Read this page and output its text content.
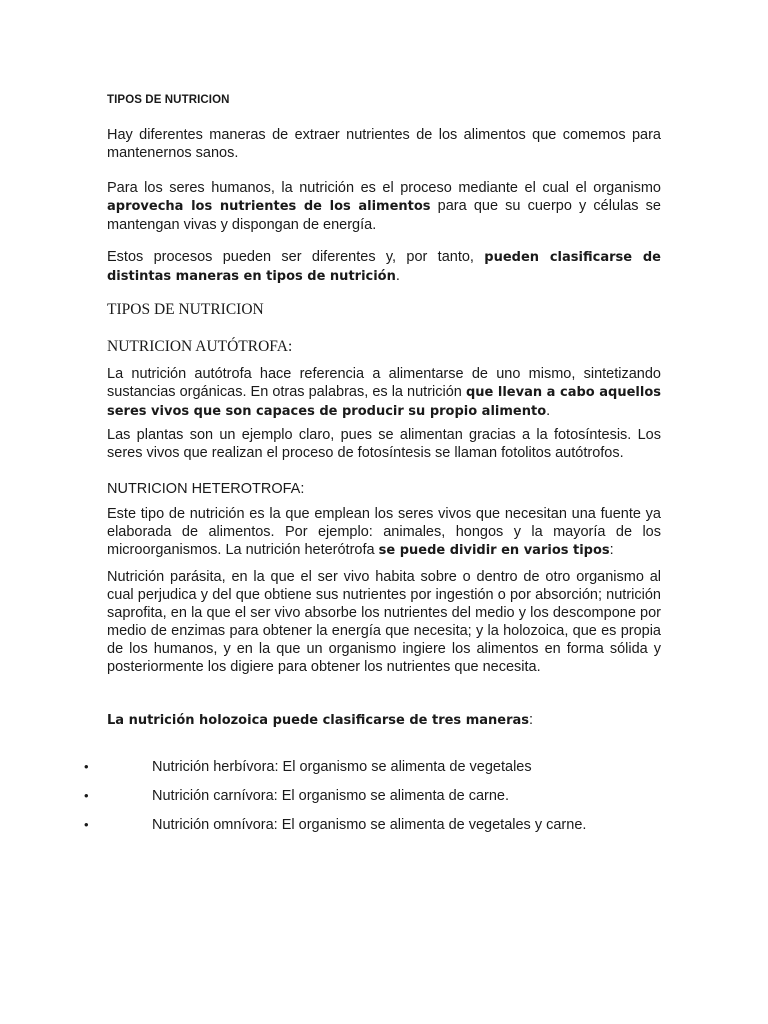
TIPOS DE NUTRICION
Hay diferentes maneras de extraer nutrientes de los alimentos que comemos para mantenernos sanos.
Para los seres humanos, la nutrición es el proceso mediante el cual el organismo aprovecha los nutrientes de los alimentos para que su cuerpo y células se mantengan vivas y dispongan de energía.
Estos procesos pueden ser diferentes y, por tanto, pueden clasificarse de distintas maneras en tipos de nutrición.
TIPOS DE NUTRICION
NUTRICION AUTÓTROFA:
La nutrición autótrofa hace referencia a alimentarse de uno mismo, sintetizando sustancias orgánicas. En otras palabras, es la nutrición que llevan a cabo aquellos seres vivos que son capaces de producir su propio alimento.
Las plantas son un ejemplo claro, pues se alimentan gracias a la fotosíntesis. Los seres vivos que realizan el proceso de fotosíntesis se llaman fotolitos autótrofos.
NUTRICION HETEROTROFA:
Este tipo de nutrición es la que emplean los seres vivos que necesitan una fuente ya elaborada de alimentos. Por ejemplo: animales, hongos y la mayoría de los microorganismos. La nutrición heterótrofa se puede dividir en varios tipos:
Nutrición parásita, en la que el ser vivo habita sobre o dentro de otro organismo al cual perjudica y del que obtiene sus nutrientes por ingestión o por absorción; nutrición saprofita, en la que el ser vivo absorbe los nutrientes del medio y los descompone por medio de enzimas para obtener la energía que necesita; y la holozoica, que es propia de los humanos, y en la que un organismo ingiere los alimentos en forma sólida y posteriormente los digiere para obtener los nutrientes que necesita.
La nutrición holozoica puede clasificarse de tres maneras:
•	Nutrición herbívora: El organismo se alimenta de vegetales
•	Nutrición carnívora: El organismo se alimenta de carne.
•	Nutrición omnívora: El organismo se alimenta de vegetales y carne.
